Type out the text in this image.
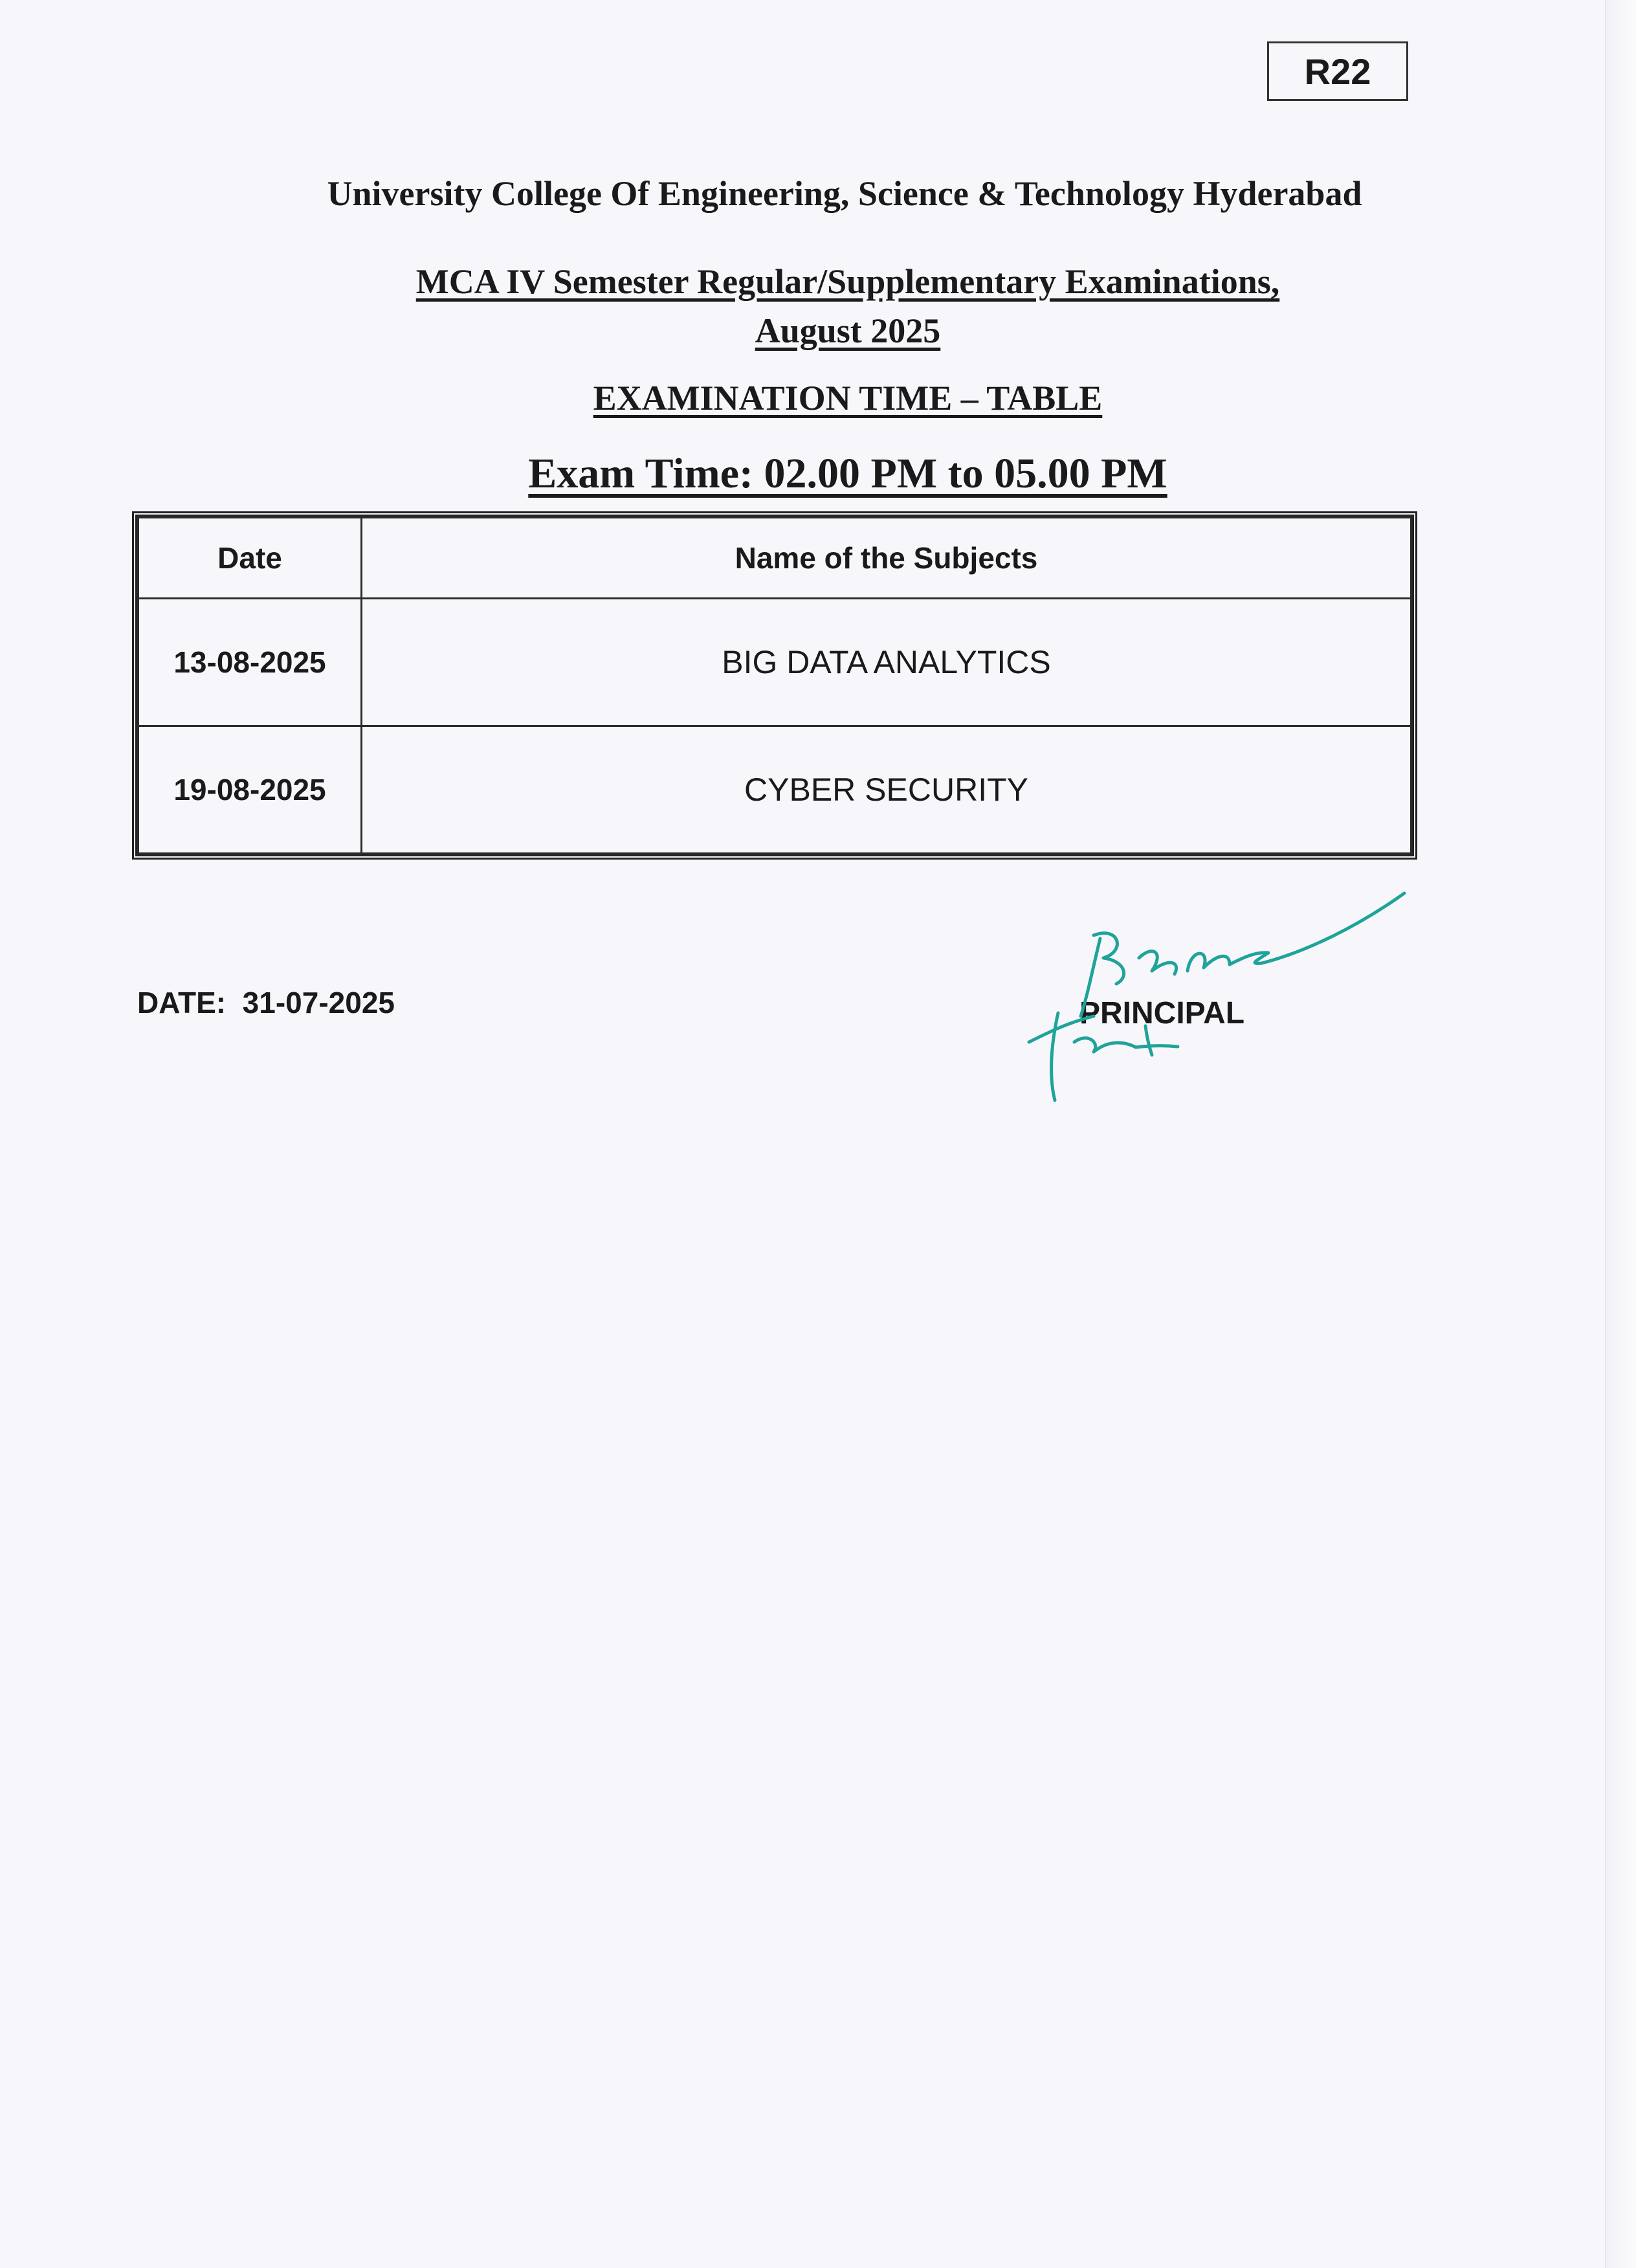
R22
University College Of Engineering, Science & Technology Hyderabad
MCA IV Semester Regular/Supplementary Examinations,
August 2025
EXAMINATION TIME – TABLE
Exam Time: 02.00 PM to 05.00 PM
Date	Name of the Subjects
13-08-2025	BIG DATA ANALYTICS
19-08-2025	CYBER SECURITY
DATE:  31-07-2025	PRINCIPAL
